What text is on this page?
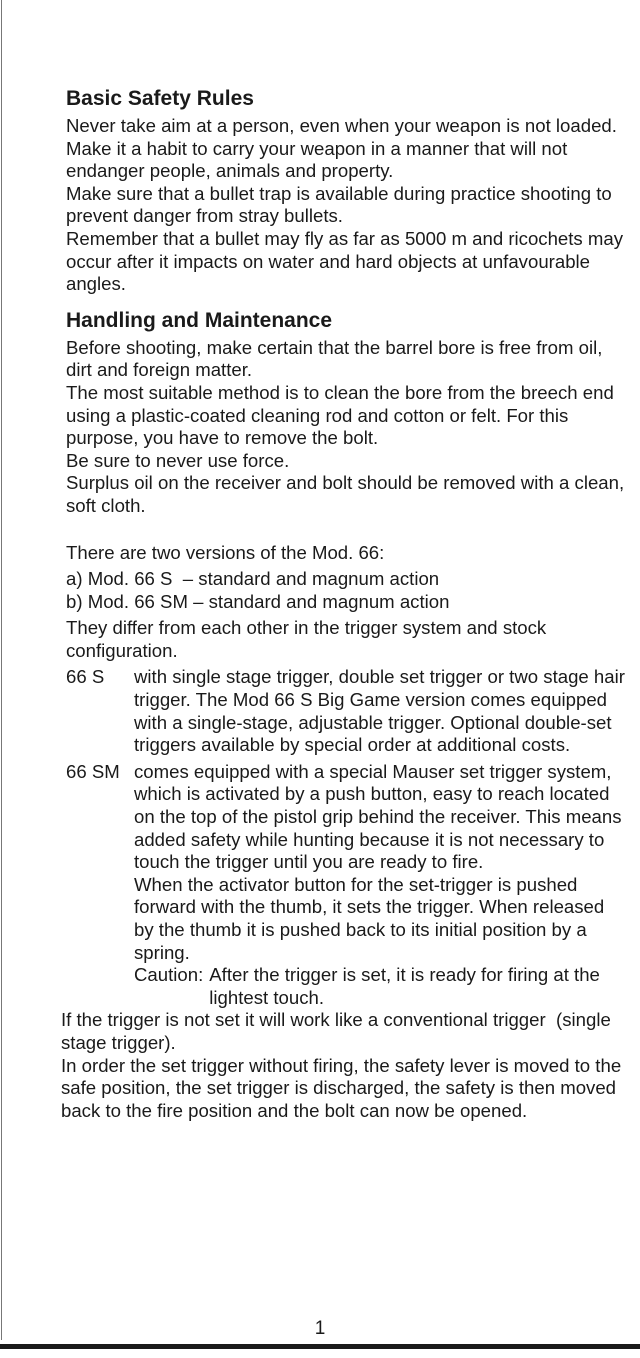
Basic Safety Rules

Never take aim at a person, even when your weapon is not loaded. Make it a habit to carry your weapon in a manner that will not endanger people, animals and property.

Make sure that a bullet trap is available during practice shooting to prevent danger from stray bullets.

Remember that a bullet may fly as far as 5000 m and ricochets may occur after it impacts on water and hard objects at unfavourable angles.

Handling and Maintenance

Before shooting, make certain that the barrel bore is free from oil, dirt and foreign matter.

The most suitable method is to clean the bore from the breech end using a plastic-coated cleaning rod and cotton or felt. For this purpose, you have to remove the bolt.

Be sure to never use force.

Surplus oil on the receiver and bolt should be removed with a clean, soft cloth.

There are two versions of the Mod. 66:

a) Mod. 66 S  – standard and magnum action
b) Mod. 66 SM – standard and magnum action

They differ from each other in the trigger system and stock configuration.

66 S	with single stage trigger, double set trigger or two stage hair trigger. The Mod 66 S Big Game version comes equipped with a single-stage, adjustable trigger. Optional double-set triggers available by special order at additional costs.
66 SM comes equipped with a special Mauser set trigger system, which is activated by a push button, easy to reach located on the top of the pistol grip behind the receiver. This means added safety while hunting because it is not necessary to touch the trigger until you are ready to fire.

When the activator button for the set-trigger is pushed forward with the thumb, it sets the trigger. When released by the thumb it is pushed back to its initial position by a spring.

Caution: After the trigger is set, it is ready for firing at the lightest touch.

If the trigger is not set it will work like a conventional trigger  (single stage trigger).

In order the set trigger without firing, the safety lever is moved to the safe position, the set trigger is discharged, the safety is then moved back to the fire position and the bolt can now be opened.

1
